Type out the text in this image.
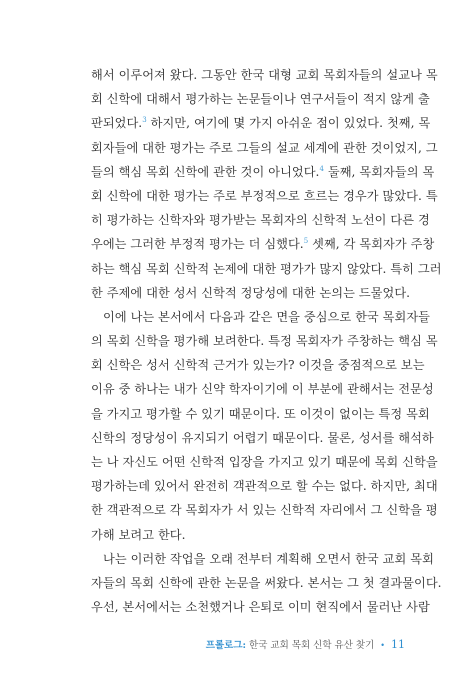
해서 이루어져 왔다. 그동안 한국 대형 교회 목회자들의 설교나 목
회 신학에 대해서 평가하는 논문들이나 연구서들이 적지 않게 출
판되었다.$^3$ 하지만, 여기에 몇 가지 아쉬운 점이 있었다. 첫째, 목
회자들에 대한 평가는 주로 그들의 설교 세계에 관한 것이었지, 그
들의 핵심 목회 신학에 관한 것이 아니었다.$^4$ 둘째, 목회자들의 목
회 신학에 대한 평가는 주로 부정적으로 흐르는 경우가 많았다. 특
히 평가하는 신학자와 평가받는 목회자의 신학적 노선이 다른 경
우에는 그러한 부정적 평가는 더 심했다.$^5$ 셋째, 각 목회자가 주창
하는 핵심 목회 신학적 논제에 대한 평가가 많지 않았다. 특히 그러
한 주제에 대한 성서 신학적 정당성에 대한 논의는 드물었다.
이에 나는 본서에서 다음과 같은 면을 중심으로 한국 목회자들
의 목회 신학을 평가해 보려한다. 특정 목회자가 주창하는 핵심 목
회 신학은 성서 신학적 근거가 있는가? 이것을 중점적으로 보는
이유 중 하나는 내가 신약 학자이기에 이 부분에 관해서는 전문성
을 가지고 평가할 수 있기 때문이다. 또 이것이 없이는 특정 목회
신학의 정당성이 유지되기 어렵기 때문이다. 물론, 성서를 해석하
는 나 자신도 어떤 신학적 입장을 가지고 있기 때문에 목회 신학을
평가하는데 있어서 완전히 객관적으로 할 수는 없다. 하지만, 최대
한 객관적으로 각 목회자가 서 있는 신학적 자리에서 그 신학을 평
가해 보려고 한다.
나는 이러한 작업을 오래 전부터 계획해 오면서 한국 교회 목회
자들의 목회 신학에 관한 논문을 써왔다. 본서는 그 첫 결과물이다.
우선, 본서에서는 소천했거나 은퇴로 이미 현직에서 물러난 사람
프롤로그: 한국 교회 목회 신학 유산 찾기 • 11
